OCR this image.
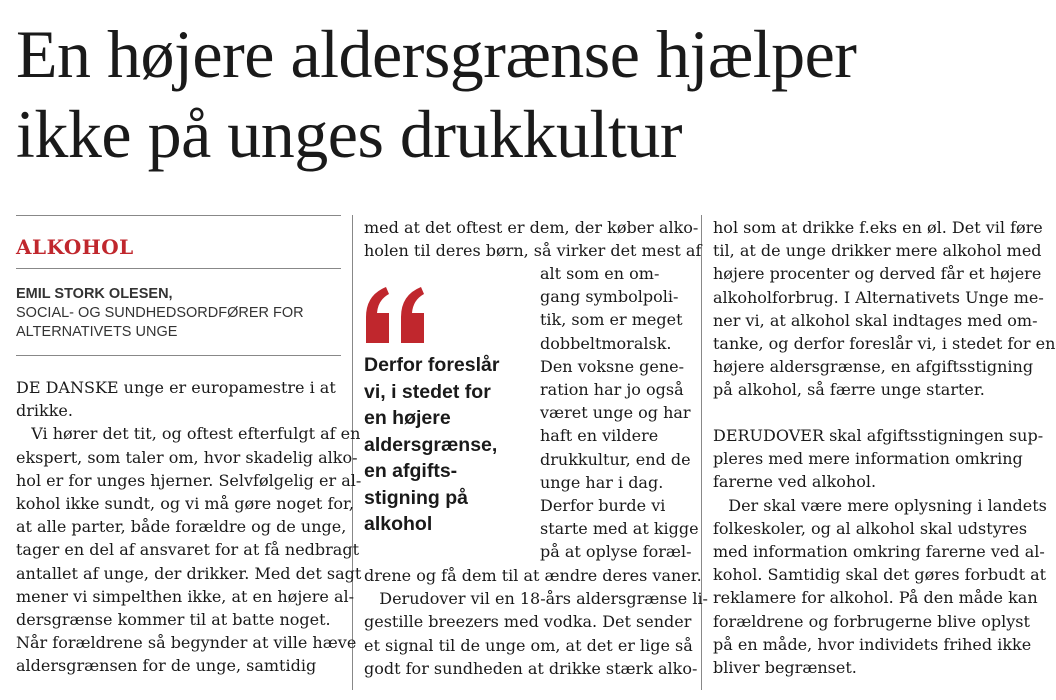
En højere aldersgrænse hjælper
ikke på unges drukkultur
ALKOHOL
EMIL STORK OLESEN,
SOCIAL- OG SUNDHEDSORDFØRER FOR
ALTERNATIVETS UNGE
DE DANSKE unge er europamestre i at
drikke.
Vi hører det tit, og oftest efterfulgt af en
ekspert, som taler om, hvor skadelig alko-
hol er for unges hjerner. Selvfølgelig er al-
kohol ikke sundt, og vi må gøre noget for,
at alle parter, både forældre og de unge,
tager en del af ansvaret for at få nedbragt
antallet af unge, der drikker. Med det sagt
mener vi simpelthen ikke, at en højere al-
dersgrænse kommer til at batte noget.
Når forældrene så begynder at ville hæve
aldersgrænsen for de unge, samtidig
med at det oftest er dem, der køber alko-
holen til deres børn, så virker det mest af
Derfor foreslår
vi, i stedet for
en højere
aldersgrænse,
en afgifts-
stigning på
alkohol
alt som en om-
gang symbolpoli-
tik, som er meget
dobbeltmoralsk.
Den voksne gene-
ration har jo også
været unge og har
haft en vildere
drukkultur, end de
unge har i dag.
Derfor burde vi
starte med at kigge
på at oplyse foræl-
drene og få dem til at ændre deres vaner.
Derudover vil en 18-års aldersgrænse li-
gestille breezers med vodka. Det sender
et signal til de unge om, at det er lige så
godt for sundheden at drikke stærk alko-
hol som at drikke f.eks en øl. Det vil føre
til, at de unge drikker mere alkohol med
højere procenter og derved får et højere
alkoholforbrug. I Alternativets Unge me-
ner vi, at alkohol skal indtages med om-
tanke, og derfor foreslår vi, i stedet for en
højere aldersgrænse, en afgiftsstigning
på alkohol, så færre unge starter.
DERUDOVER skal afgiftsstigningen sup-
pleres med mere information omkring
farerne ved alkohol.
Der skal være mere oplysning i landets
folkeskoler, og al alkohol skal udstyres
med information omkring farerne ved al-
kohol. Samtidig skal det gøres forbudt at
reklamere for alkohol. På den måde kan
forældrene og forbrugerne blive oplyst
på en måde, hvor individets frihed ikke
bliver begrænset.
